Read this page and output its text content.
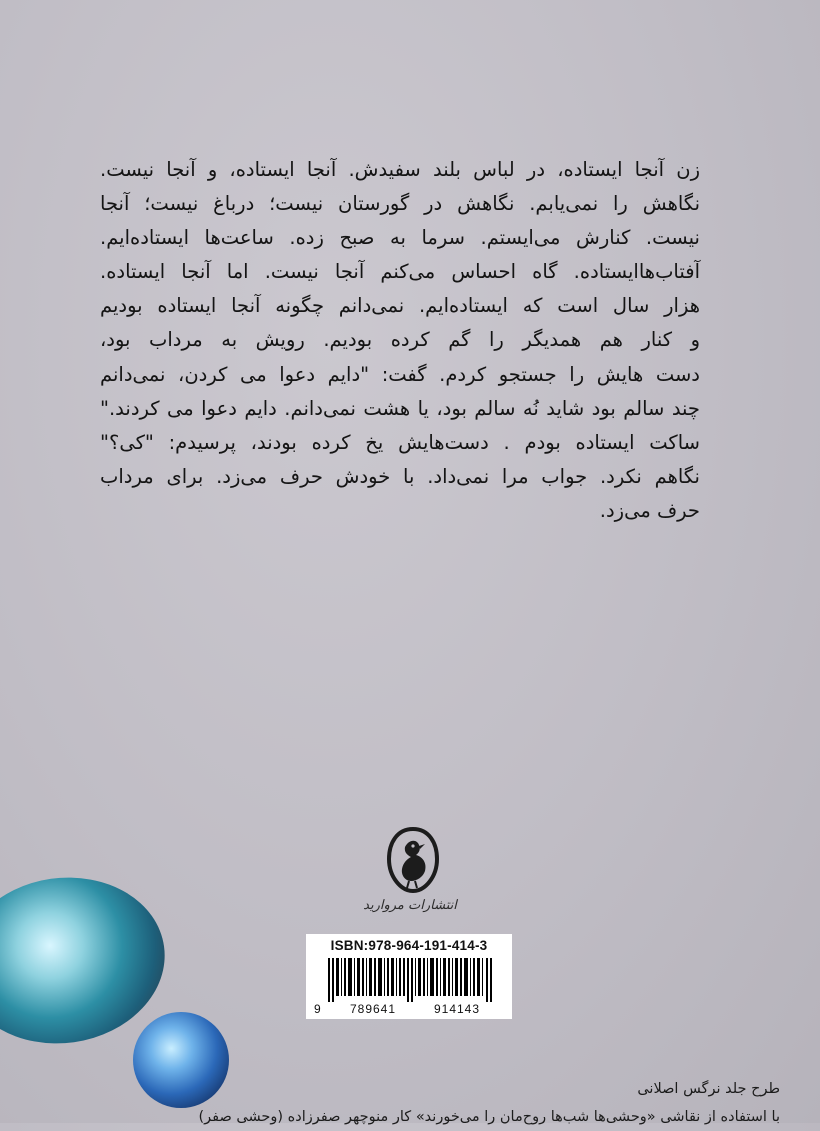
زن آنجا ایستاده، در لباس بلند سفیدش. آنجا ایستاده، و آنجا نیست.
نگاهش را نمی‌یابم. نگاهش در گورستان نیست؛ درباغ نیست؛ آنجا
نیست. کنارش می‌ایستم. سرما به صبح زده. ساعت‌ها ایستاده‌ایم.
آفتاب‌هاایستاده. گاه احساس می‌کنم آنجا نیست. اما آنجا ایستاده.
هزار سال است که ایستاده‌ایم. نمی‌دانم چگونه آنجا ایستاده بودیم
و کنار هم همدیگر را گم کرده بودیم. رویش به مرداب بود،
دست هایش را جستجو کردم. گفت: "دایم دعوا می کردن، نمی‌دانم
چند سالم بود شاید نُه سالم بود، یا هشت نمی‌دانم. دایم دعوا می کردند."
ساکت ایستاده بودم . دست‌هایش یخ کرده بودند، پرسیدم: "کی؟"
نگاهم نکرد. جواب مرا نمی‌داد. با خودش حرف می‌زد. برای مرداب
حرف می‌زد.
انتشارات مروارید
ISBN:978-964-191-414-3
9	789641	914143
طرح جلد نرگس اصلانی
با استفاده از نقاشی «وحشی‌ها شب‌ها روح‌مان را می‌خورند» کار منوچهر صفرزاده (وحشی صفر)
